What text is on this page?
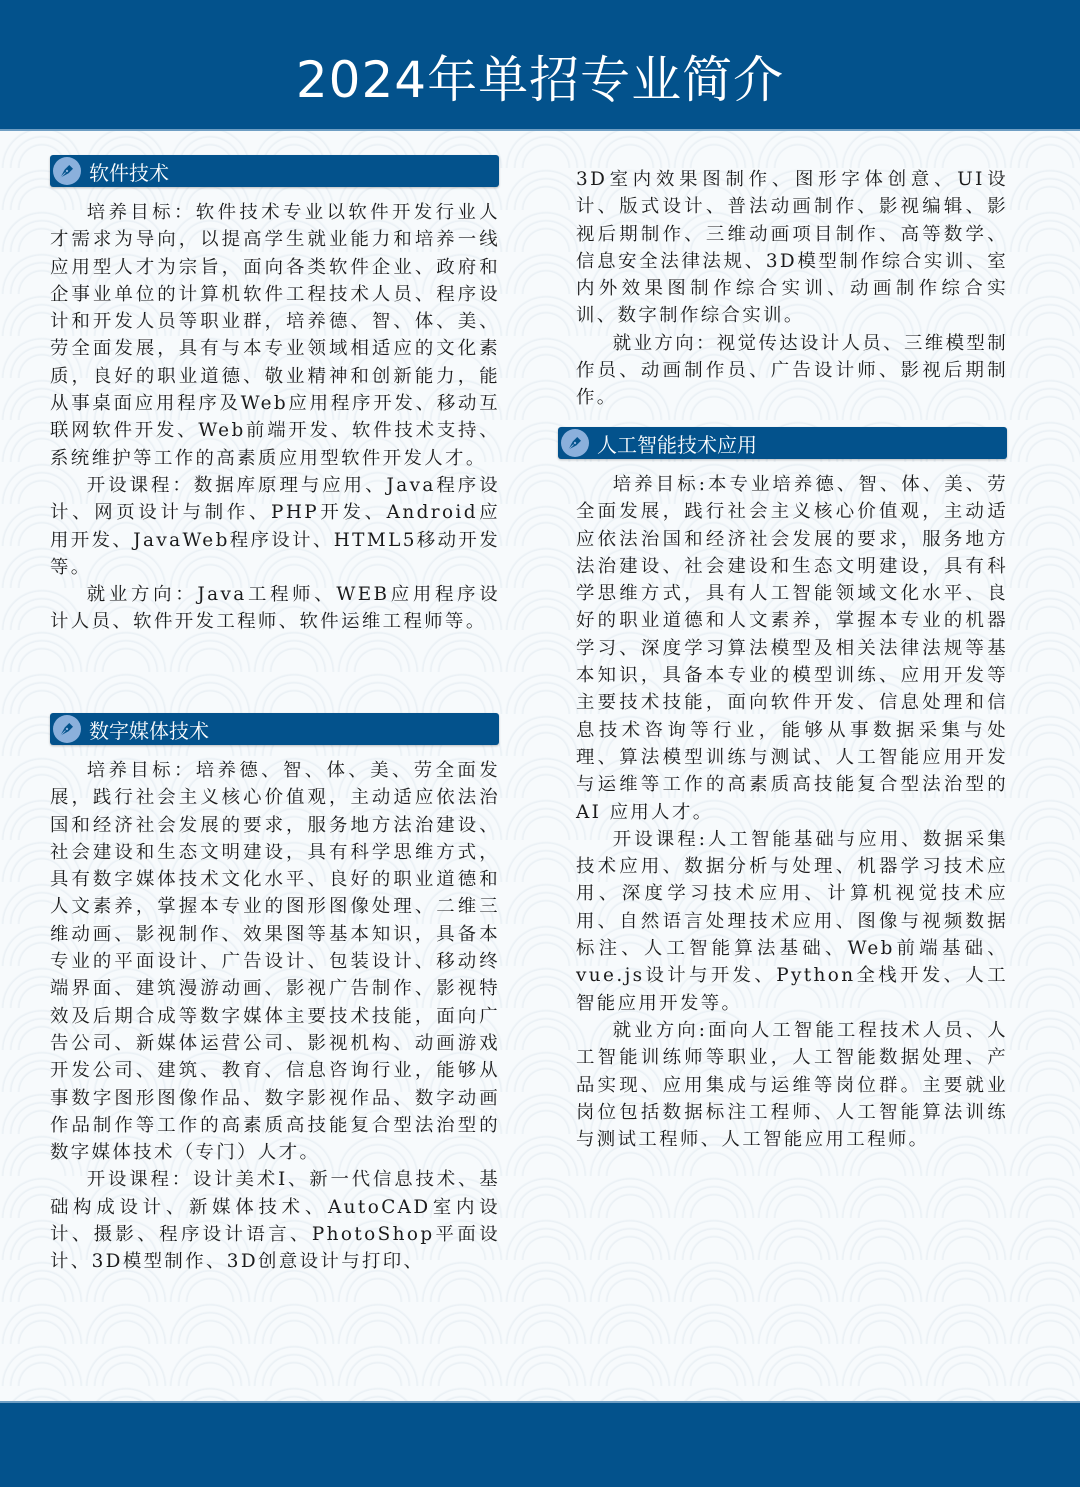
2024年单招专业简介
软件技术

培养目标：软件技术专业以软件开发行业人才需求为导向，以提高学生就业能力和培养一线应用型人才为宗旨，面向各类软件企业、政府和企事业单位的计算机软件工程技术人员、程序设计和开发人员等职业群，培养德、智、体、美、劳全面发展，具有与本专业领域相适应的文化素质，良好的职业道德、敬业精神和创新能力，能从事桌面应用程序及Web应用程序开发、移动互联网软件开发、Web前端开发、软件技术支持、系统维护等工作的高素质应用型软件开发人才。

开设课程：数据库原理与应用、Java程序设计、网页设计与制作、PHP开发、Android应用开发、JavaWeb程序设计、HTML5移动开发等。

就业方向：Java工程师、WEB应用程序设计人员、软件开发工程师、软件运维工程师等。

数字媒体技术

培养目标：培养德、智、体、美、劳全面发展，践行社会主义核心价值观，主动适应依法治国和经济社会发展的要求，服务地方法治建设、社会建设和生态文明建设，具有科学思维方式，具有数字媒体技术文化水平、良好的职业道德和人文素养，掌握本专业的图形图像处理、二维三维动画、影视制作、效果图等基本知识，具备本专业的平面设计、广告设计、包装设计、移动终端界面、建筑漫游动画、影视广告制作、影视特效及后期合成等数字媒体主要技术技能，面向广告公司、新媒体运营公司、影视机构、动画游戏开发公司、建筑、教育、信息咨询行业，能够从事数字图形图像作品、数字影视作品、数字动画作品制作等工作的高素质高技能复合型法治型的数字媒体技术（专门）人才。

开设课程：设计美术Ⅰ、新一代信息技术、基础构成设计、新媒体技术、AutoCAD室内设计、摄影、程序设计语言、PhotoShop平面设计、3D模型制作、3D创意设计与打印、

3D室内效果图制作、图形字体创意、UI设计、版式设计、普法动画制作、影视编辑、影视后期制作、三维动画项目制作、高等数学、信息安全法律法规、3D模型制作综合实训、室内外效果图制作综合实训、动画制作综合实训、数字制作综合实训。

就业方向：视觉传达设计人员、三维模型制作员、动画制作员、广告设计师、影视后期制作。

人工智能技术应用

培养目标:本专业培养德、智、体、美、劳全面发展，践行社会主义核心价值观，主动适应依法治国和经济社会发展的要求，服务地方法治建设、社会建设和生态文明建设，具有科学思维方式，具有人工智能领域文化水平、良好的职业道德和人文素养，掌握本专业的机器学习、深度学习算法模型及相关法律法规等基本知识，具备本专业的模型训练、应用开发等主要技术技能，面向软件开发、信息处理和信息技术咨询等行业，能够从事数据采集与处理、算法模型训练与测试、人工智能应用开发与运维等工作的高素质高技能复合型法治型的 AI 应用人才。

开设课程:人工智能基础与应用、数据采集技术应用、数据分析与处理、机器学习技术应用、深度学习技术应用、计算机视觉技术应用、自然语言处理技术应用、图像与视频数据标注、人工智能算法基础、Web前端基础、vue.js设计与开发、Python全栈开发、人工智能应用开发等。

就业方向:面向人工智能工程技术人员、人工智能训练师等职业，人工智能数据处理、产品实现、应用集成与运维等岗位群。主要就业岗位包括数据标注工程师、人工智能算法训练与测试工程师、人工智能应用工程师。
